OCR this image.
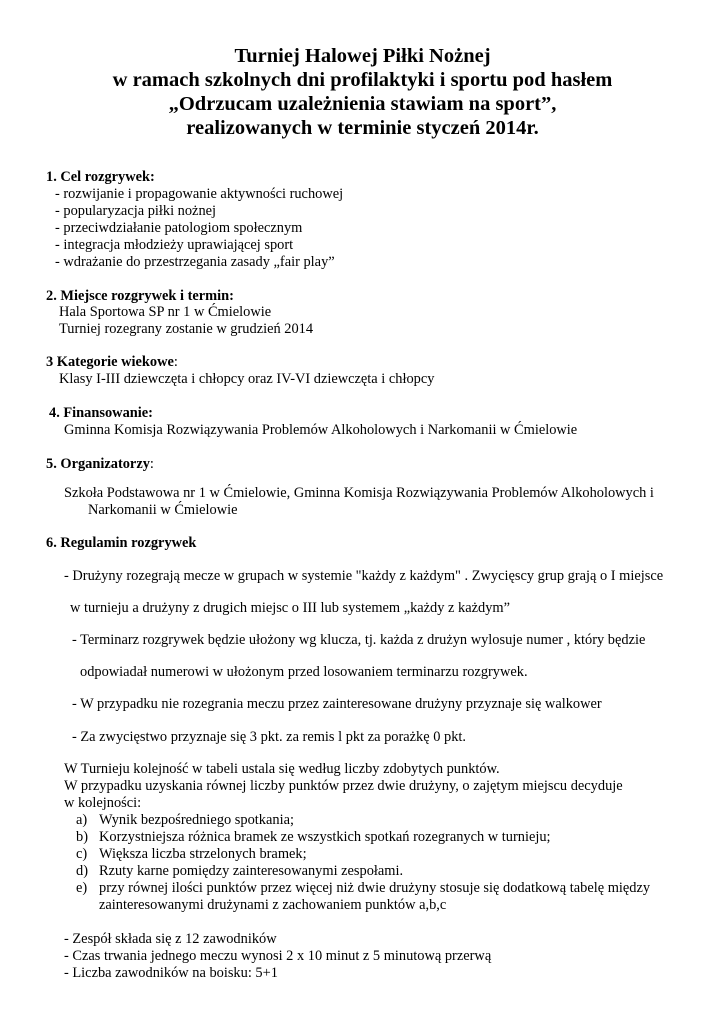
Turniej Halowej Piłki Nożnej
w ramach szkolnych dni profilaktyki i sportu pod hasłem
„Odrzucam uzależnienia stawiam na sport”,
realizowanych w terminie styczeń 2014r.
1. Cel rozgrywek:
- rozwijanie i propagowanie aktywności ruchowej
- popularyzacja piłki nożnej
- przeciwdziałanie patologiom społecznym
- integracja młodzieży uprawiającej sport
- wdrażanie do przestrzegania zasady „fair play”
2. Miejsce rozgrywek i termin:
Hala Sportowa SP nr 1 w Ćmielowie
Turniej rozegrany zostanie w grudzień 2014
3 Kategorie wiekowe:
Klasy I-III dziewczęta i chłopcy oraz IV-VI dziewczęta i chłopcy
4. Finansowanie:
Gminna Komisja Rozwiązywania Problemów Alkoholowych i Narkomanii w Ćmielowie
5. Organizatorzy:
Szkoła Podstawowa nr 1 w Ćmielowie, Gminna Komisja Rozwiązywania Problemów Alkoholowych i
Narkomanii w Ćmielowie
6. Regulamin rozgrywek
- Drużyny rozegrają mecze w grupach w systemie "każdy z każdym" . Zwycięscy grup grają o I miejsce
w turnieju a drużyny z drugich miejsc o III lub systemem „każdy z każdym”
- Terminarz rozgrywek będzie ułożony wg klucza, tj. każda z drużyn wylosuje numer , który będzie
odpowiadał numerowi w ułożonym przed losowaniem terminarzu rozgrywek.
- W przypadku nie rozegrania meczu przez zainteresowane drużyny przyznaje się walkower
- Za zwycięstwo przyznaje się 3 pkt. za remis l pkt za porażkę 0 pkt.
W Turnieju kolejność w tabeli ustala się według liczby zdobytych punktów.
W przypadku uzyskania równej liczby punktów przez dwie drużyny, o zajętym miejscu decyduje
w kolejności:
a) Wynik bezpośredniego spotkania;
b) Korzystniejsza różnica bramek ze wszystkich spotkań rozegranych w turnieju;
c) Większa liczba strzelonych bramek;
d) Rzuty karne pomiędzy zainteresowanymi zespołami.
e) przy równej ilości punktów przez więcej niż dwie drużyny stosuje się dodatkową tabelę między
zainteresowanymi drużynami z zachowaniem punktów a,b,c
- Zespół składa się z 12 zawodników
- Czas trwania jednego meczu wynosi 2 x 10 minut z 5 minutową przerwą
- Liczba zawodników na boisku: 5+1
